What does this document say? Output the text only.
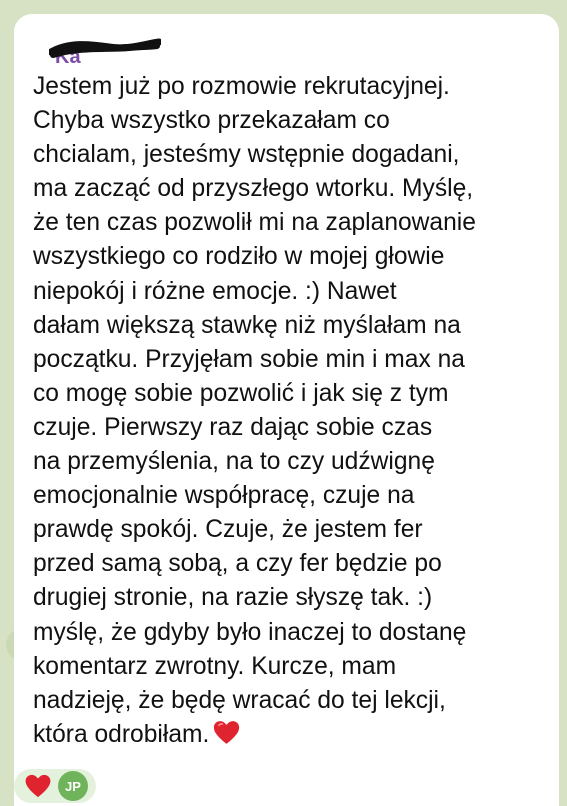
Ka
Jestem już po rozmowie rekrutacyjnej.
Chyba wszystko przekazałam co
chcialam, jesteśmy wstępnie dogadani,
ma zacząć od przyszłego wtorku. Myślę,
że ten czas pozwolił mi na zaplanowanie
wszystkiego co rodziło w mojej głowie
niepokój i różne emocje. :) Nawet
dałam większą stawkę niż myślałam na
początku. Przyjęłam sobie min i max na
co mogę sobie pozwolić i jak się z tym
czuje. Pierwszy raz dając sobie czas
na przemyślenia, na to czy udźwignę
emocjonalnie współpracę, czuje na
prawdę spokój. Czuje, że jestem fer
przed samą sobą, a czy fer będzie po
drugiej stronie, na razie słyszę tak. :)
myślę, że gdyby było inaczej to dostanę
komentarz zwrotny. Kurcze, mam
nadzieję, że będę wracać do tej lekcji,
która odrobiłam.
JP
